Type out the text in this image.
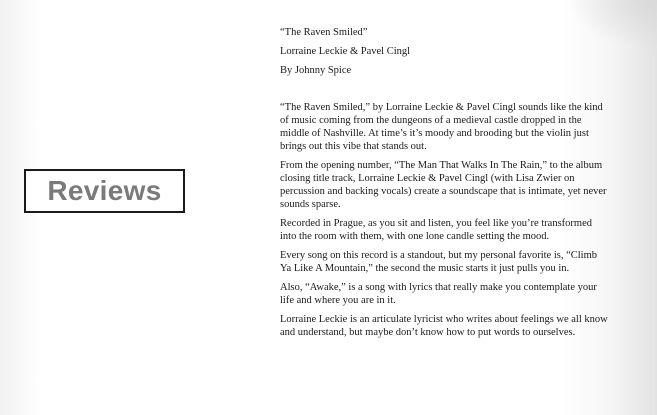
Reviews

“The Raven Smiled”

Lorraine Leckie & Pavel Cingl

By Johnny Spice

“The Raven Smiled,” by Lorraine Leckie & Pavel Cingl sounds like the kind of music coming from the dungeons of a medieval castle dropped in the middle of Nashville. At time’s it’s moody and brooding but the violin just brings out this vibe that stands out.

From the opening number, “The Man That Walks In The Rain,” to the album closing title track, Lorraine Leckie & Pavel Cingl (with Lisa Zwier on percussion and backing vocals) create a soundscape that is intimate, yet never sounds sparse.

Recorded in Prague, as you sit and listen, you feel like you’re transformed into the room with them, with one lone candle setting the mood.

Every song on this record is a standout, but my personal favorite is, “Climb Ya Like A Mountain,” the second the music starts it just pulls you in.

Also, “Awake,” is a song with lyrics that really make you contemplate your life and where you are in it.

Lorraine Leckie is an articulate lyricist who writes about feelings we all know and understand, but maybe don’t know how to put words to ourselves.
